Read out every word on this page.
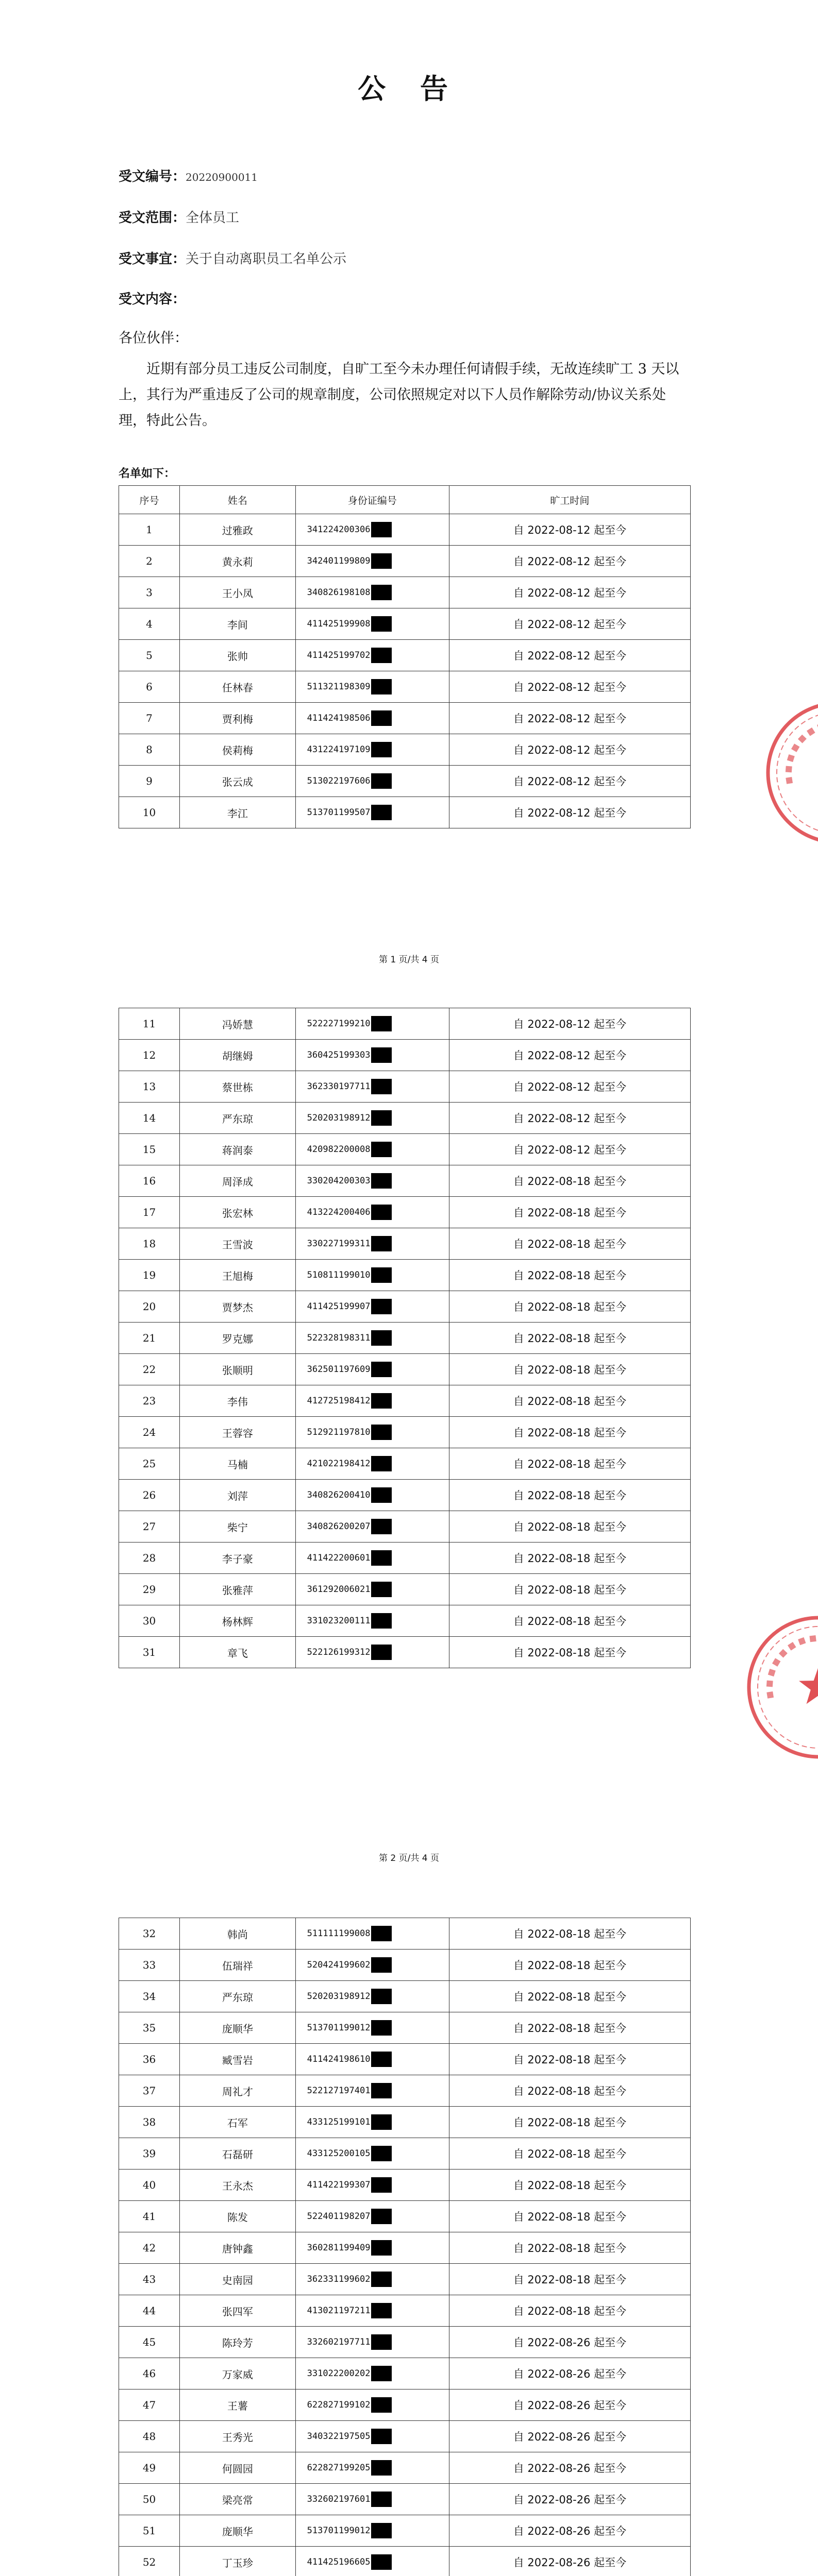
公 告
受文编号：20220900011
受文范围：全体员工
受文事宜：关于自动离职员工名单公示
受文内容：
各位伙伴：
近期有部分员工违反公司制度，自旷工至今未办理任何请假手续，无故连续旷工 3 天以上，其行为严重违反了公司的规章制度，公司依照规定对以下人员作解除劳动/协议关系处理，特此公告。
名单如下：
序号	姓名	身份证编号	旷工时间
1	过雅政	341224200306	自 2022-08-12 起至今
2	黄永莉	342401199809	自 2022-08-12 起至今
3	王小凤	340826198108	自 2022-08-12 起至今
4	李间	411425199908	自 2022-08-12 起至今
5	张帅	411425199702	自 2022-08-12 起至今
6	任林春	511321198309	自 2022-08-12 起至今
7	贾利梅	411424198506	自 2022-08-12 起至今
8	侯莉梅	431224197109	自 2022-08-12 起至今
9	张云成	513022197606	自 2022-08-12 起至今
10	李江	513701199507	自 2022-08-12 起至今
第 1 页/共 4 页
11	冯娇慧	522227199210	自 2022-08-12 起至今
12	胡继姆	360425199303	自 2022-08-12 起至今
13	蔡世栋	362330197711	自 2022-08-12 起至今
14	严东琼	520203198912	自 2022-08-12 起至今
15	蒋润泰	420982200008	自 2022-08-12 起至今
16	周泽成	330204200303	自 2022-08-18 起至今
17	张宏林	413224200406	自 2022-08-18 起至今
18	王雪波	330227199311	自 2022-08-18 起至今
19	王旭梅	510811199010	自 2022-08-18 起至今
20	贾梦杰	411425199907	自 2022-08-18 起至今
21	罗克娜	522328198311	自 2022-08-18 起至今
22	张顺明	362501197609	自 2022-08-18 起至今
23	李伟	412725198412	自 2022-08-18 起至今
24	王蓉容	512921197810	自 2022-08-18 起至今
25	马楠	421022198412	自 2022-08-18 起至今
26	刘萍	340826200410	自 2022-08-18 起至今
27	柴宁	340826200207	自 2022-08-18 起至今
28	李子豪	411422200601	自 2022-08-18 起至今
29	张雅萍	361292006021	自 2022-08-18 起至今
30	杨林辉	331023200111	自 2022-08-18 起至今
31	章飞	522126199312	自 2022-08-18 起至今
第 2 页/共 4 页
32	韩尚	511111199008	自 2022-08-18 起至今
33	伍瑞祥	520424199602	自 2022-08-18 起至今
34	严东琼	520203198912	自 2022-08-18 起至今
35	庞顺华	513701199012	自 2022-08-18 起至今
36	臧雪岩	411424198610	自 2022-08-18 起至今
37	周礼才	522127197401	自 2022-08-18 起至今
38	石军	433125199101	自 2022-08-18 起至今
39	石磊研	433125200105	自 2022-08-18 起至今
40	王永杰	411422199307	自 2022-08-18 起至今
41	陈发	522401198207	自 2022-08-18 起至今
42	唐钟鑫	360281199409	自 2022-08-18 起至今
43	史南园	362331199602	自 2022-08-18 起至今
44	张四军	413021197211	自 2022-08-18 起至今
45	陈玲芳	332602197711	自 2022-08-26 起至今
46	万家威	331022200202	自 2022-08-26 起至今
47	王薯	622827199102	自 2022-08-26 起至今
48	王秀光	340322197505	自 2022-08-26 起至今
49	何圆园	622827199205	自 2022-08-26 起至今
50	梁亮常	332602197601	自 2022-08-26 起至今
51	庞顺华	513701199012	自 2022-08-26 起至今
52	丁玉珍	411425196605	自 2022-08-26 起至今
